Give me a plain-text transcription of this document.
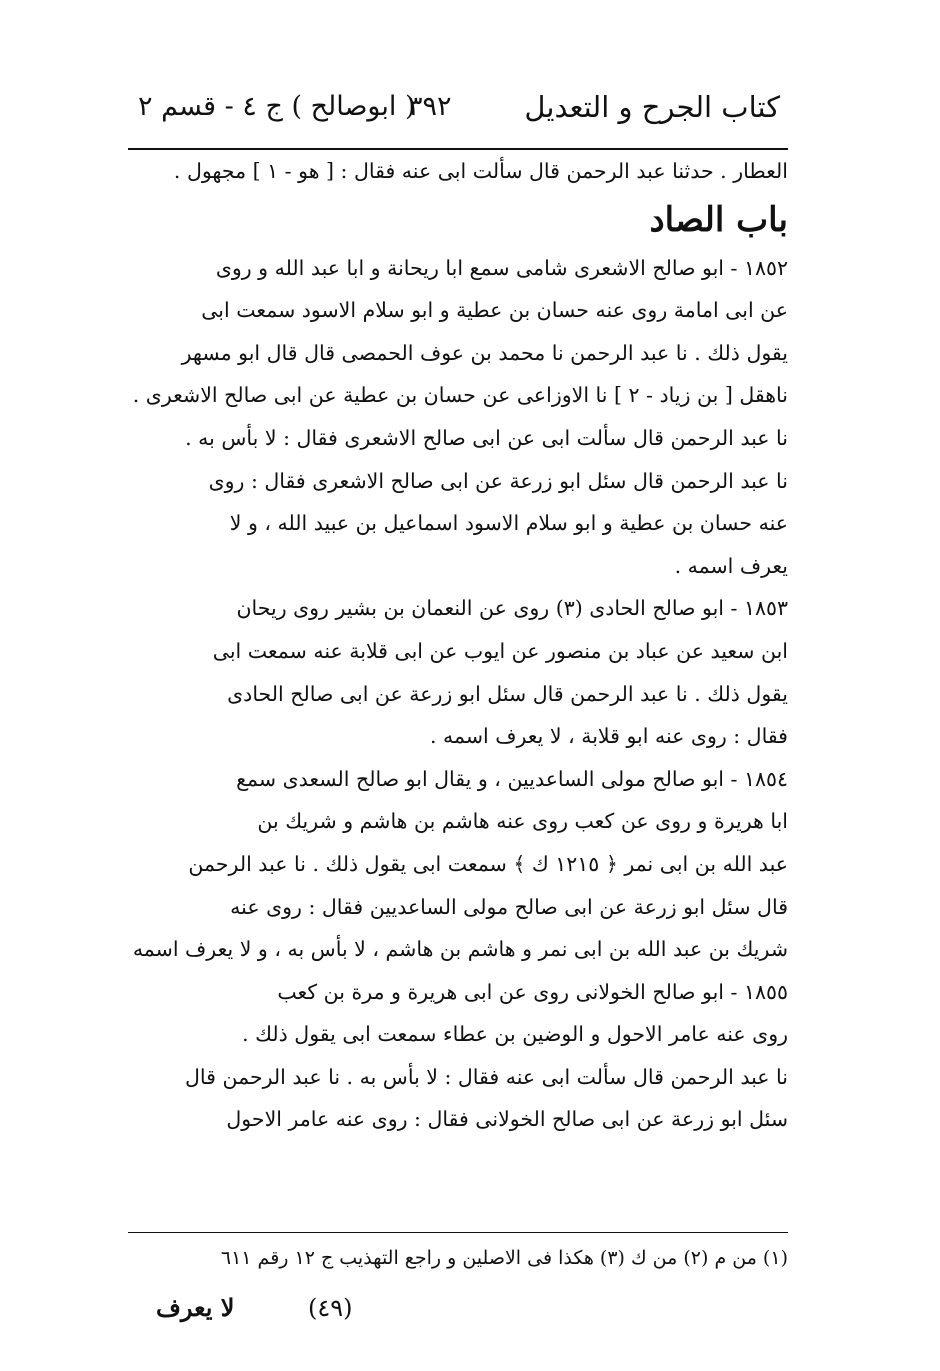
كتاب الجرح و التعديل
٣٩٢
( ابوصالح ) ج ٤ - قسم ٢

العطار . حدثنا عبد الرحمن قال سألت ابى عنه فقال : [ هو - ١ ] مجهول .

باب الصاد

١٨٥٢ - ابو صالح الاشعرى شامى سمع ابا ريحانة و ابا عبد الله و روى

عن ابى امامة روى عنه حسان بن عطية و ابو سلام الاسود سمعت ابى

يقول ذلك . نا عبد الرحمن نا محمد بن عوف الحمصى قال قال ابو مسهر

ناهقل [ بن زياد - ٢ ] نا الاوزاعى عن حسان بن عطية عن ابى صالح الاشعرى .

نا عبد الرحمن قال سألت ابى عن ابى صالح الاشعرى فقال : لا بأس به .

نا عبد الرحمن قال سئل ابو زرعة عن ابى صالح الاشعرى فقال : روى

عنه حسان بن عطية و ابو سلام الاسود اسماعيل بن عبيد الله ، و لا

يعرف اسمه .

١٨٥٣ - ابو صالح الحادى (٣) روى عن النعمان بن بشير روى ريحان

ابن سعيد عن عباد بن منصور عن ايوب عن ابى قلابة عنه سمعت ابى

يقول ذلك . نا عبد الرحمن قال سئل ابو زرعة عن ابى صالح الحادى

فقال : روى عنه ابو قلابة ، لا يعرف اسمه .

١٨٥٤ - ابو صالح مولى الساعديين ، و يقال ابو صالح السعدى سمع

ابا هريرة و روى عن كعب روى عنه هاشم بن هاشم و شريك بن

عبد الله بن ابى نمر ﴿ ١٢١٥ ك ﴾ سمعت ابى يقول ذلك . نا عبد الرحمن

قال سئل ابو زرعة عن ابى صالح مولى الساعديين فقال : روى عنه

شريك بن عبد الله بن ابى نمر و هاشم بن هاشم ، لا بأس به ، و لا يعرف اسمه

١٨٥٥ - ابو صالح الخولانى روى عن ابى هريرة و مرة بن كعب

روى عنه عامر الاحول و الوضين بن عطاء سمعت ابى يقول ذلك .

نا عبد الرحمن قال سألت ابى عنه فقال : لا بأس به . نا عبد الرحمن قال

سئل ابو زرعة عن ابى صالح الخولانى فقال : روى عنه عامر الاحول

(١) من م (٢) من ك (٣) هكذا فى الاصلين و راجع التهذيب ج ١٢ رقم ٦١١
(٤٩)
لا يعرف
